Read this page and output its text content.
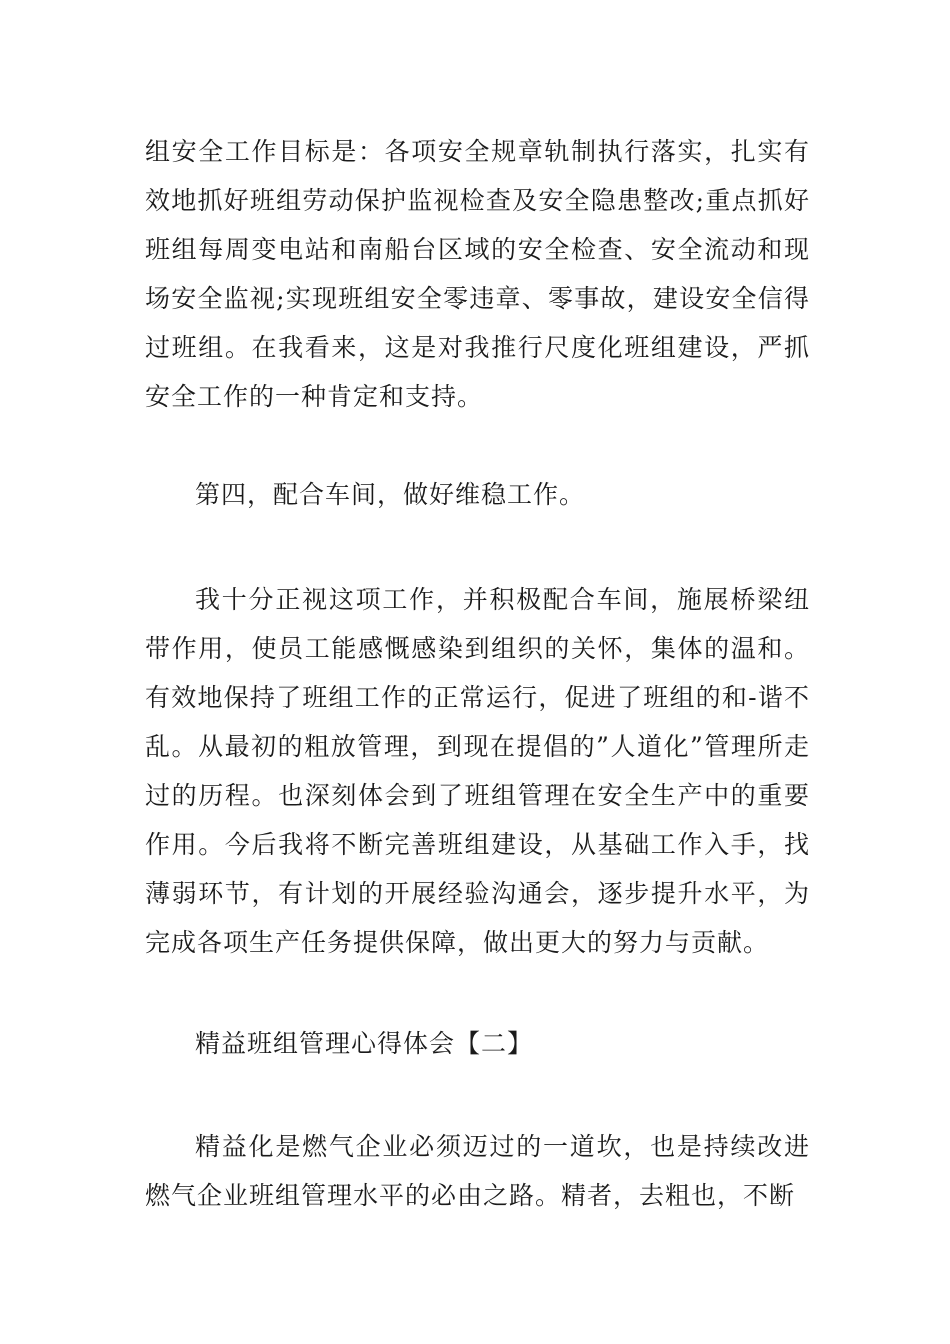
组安全工作目标是：各项安全规章轨制执行落实，扎实有效地抓好班组劳动保护监视检查及安全隐患整改;重点抓好班组每周变电站和南船台区域的安全检查、安全流动和现场安全监视;实现班组安全零违章、零事故，建设安全信得过班组。在我看来，这是对我推行尺度化班组建设，严抓安全工作的一种肯定和支持。

第四，配合车间，做好维稳工作。

我十分正视这项工作，并积极配合车间，施展桥梁纽带作用，使员工能感慨感染到组织的关怀，集体的温和。有效地保持了班组工作的正常运行，促进了班组的和-谐不乱。从最初的粗放管理，到现在提倡的”人道化”管理所走过的历程。也深刻体会到了班组管理在安全生产中的重要作用。今后我将不断完善班组建设，从基础工作入手，找薄弱环节，有计划的开展经验沟通会，逐步提升水平，为完成各项生产任务提供保障，做出更大的努力与贡献。

精益班组管理心得体会【二】

精益化是燃气企业必须迈过的一道坎，也是持续改进燃气企业班组管理水平的必由之路。精者，去粗也，不断
